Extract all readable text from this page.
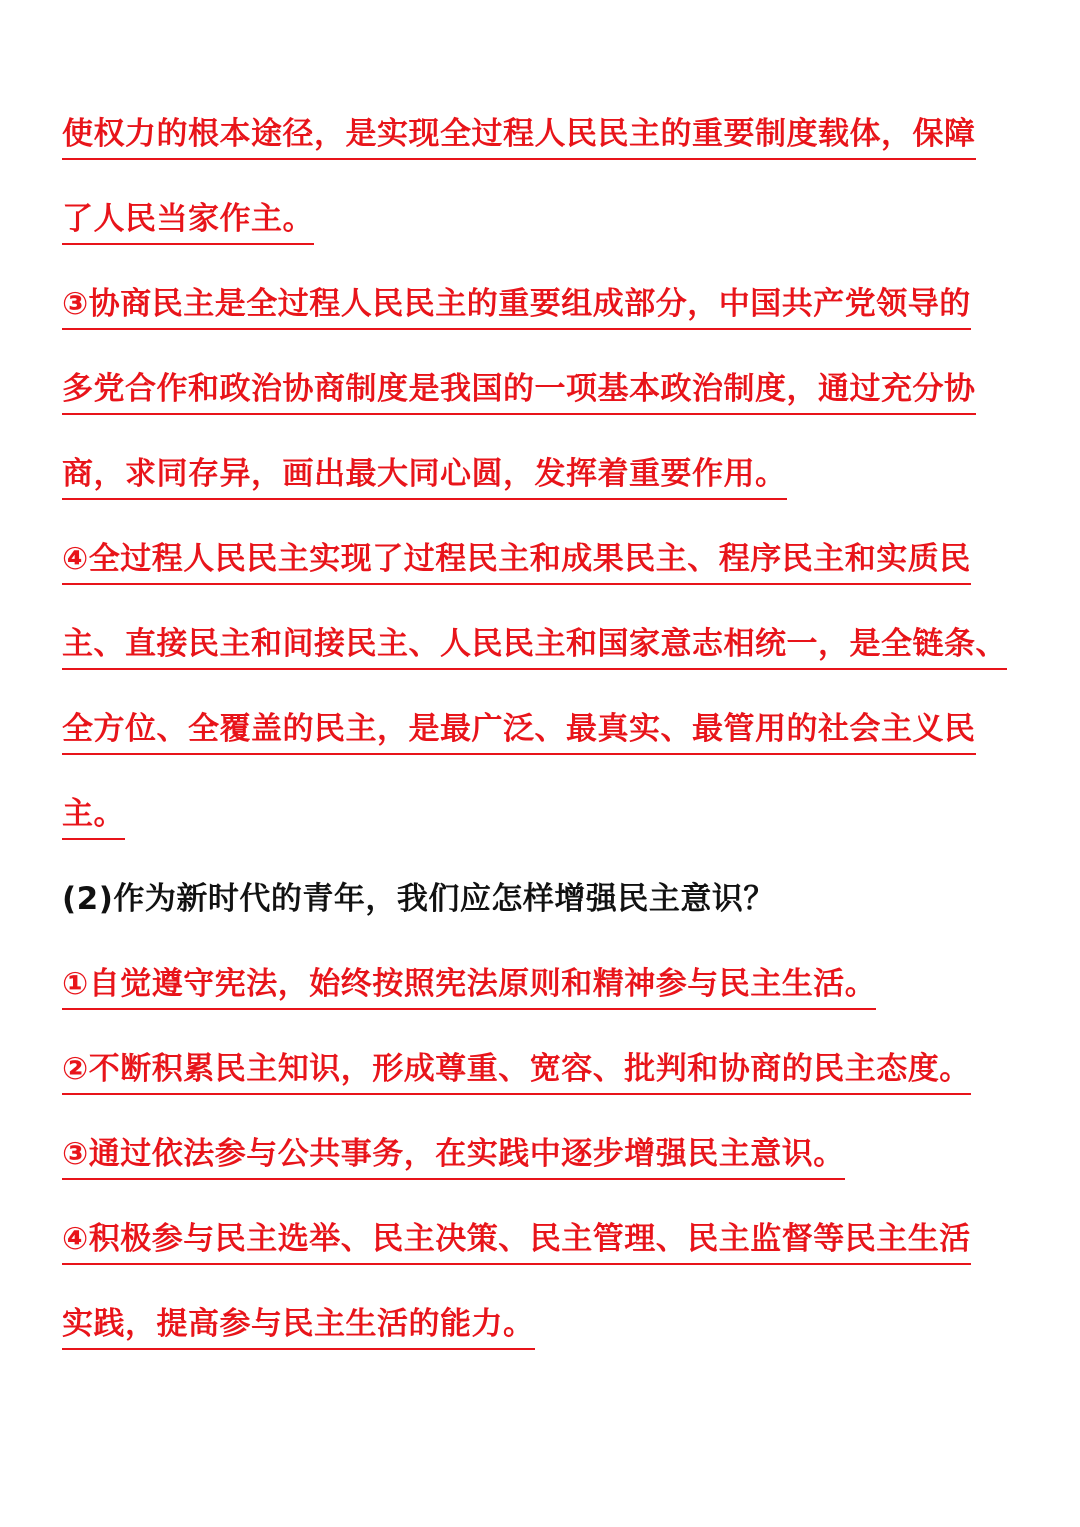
使权力的根本途径，是实现全过程人民民主的重要制度载体，保障
了人民当家作主。
③协商民主是全过程人民民主的重要组成部分，中国共产党领导的
多党合作和政治协商制度是我国的一项基本政治制度，通过充分协
商，求同存异，画出最大同心圆，发挥着重要作用。
④全过程人民民主实现了过程民主和成果民主、程序民主和实质民
主、直接民主和间接民主、人民民主和国家意志相统一，是全链条、
全方位、全覆盖的民主，是最广泛、最真实、最管用的社会主义民
主。
(2)作为新时代的青年，我们应怎样增强民主意识？
①自觉遵守宪法，始终按照宪法原则和精神参与民主生活。
②不断积累民主知识，形成尊重、宽容、批判和协商的民主态度。
③通过依法参与公共事务，在实践中逐步增强民主意识。
④积极参与民主选举、民主决策、民主管理、民主监督等民主生活
实践，提高参与民主生活的能力。
